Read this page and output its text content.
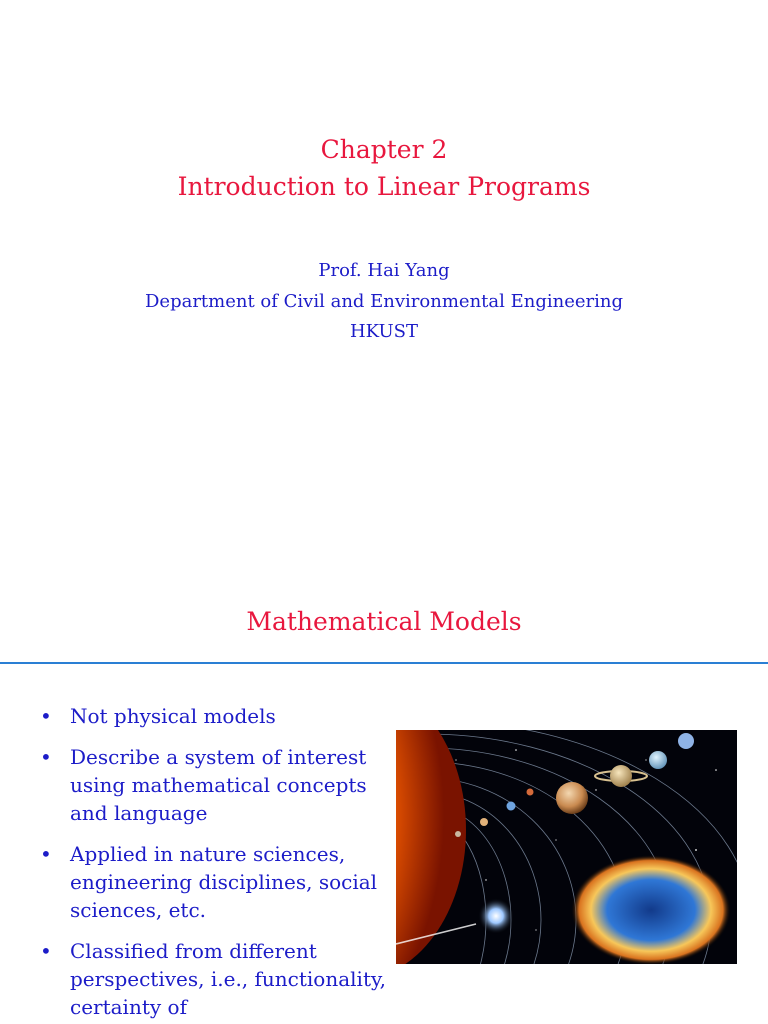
Chapter 2
Introduction to Linear Programs
Prof. Hai Yang
Department of Civil and Environmental Engineering
HKUST
Mathematical Models
• Not physical models
• Describe a system of interest using mathematical concepts and language
• Applied in nature sciences, engineering disciplines, social sciences, etc.
• Classified from different perspectives, i.e., functionality, certainty of
